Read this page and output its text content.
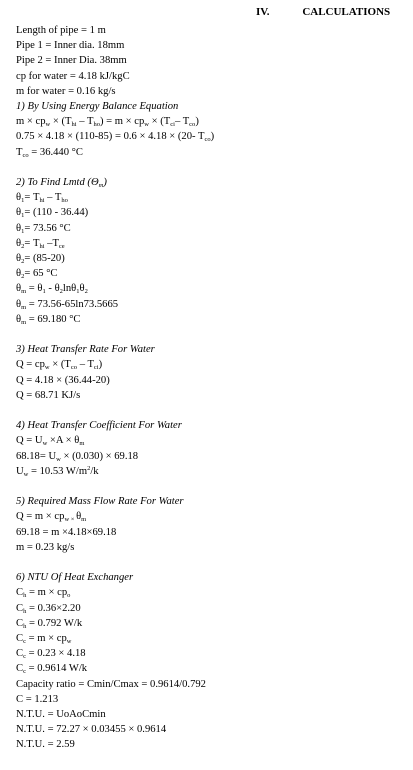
IV.	CALCULATIONS
Length of pipe = 1 m
Pipe 1 = Inner dia. 18mm
Pipe 2 = Inner Dia. 38mm
cp for water = 4.18 kJ/kgC
m for water = 0.16 kg/s
1) By Using Energy Balance Equation
$m \times cp_w \times (T_{hi} - T_{ho}) = m \times cp_w \times (T_{ci}-$ $T_{co}$)
0.75 × 4.18 × (110-85) = 0.6 × 4.18 × (20- $T_{co}$)
$T_{co} = 36.440$ °C
2) To Find Lmtd $(\Theta_m)$
$\theta_1= T_{hi} - T_{ho}$
$\theta_1= (110 - 36.44)$
$\theta_1= 73.56$ °C
$\theta_2= T_{hi}$ $-T_{ce}$
$\theta_2= (85-20)$
$\theta_2= 65$ °C
$\theta_m = \theta_1 - \theta_2\ln\theta_1\theta_2$
$\theta_m = 73.56-65\ln 73.5665$
$\theta_m = 69.180$ °C
3) Heat Transfer Rate For Water
$Q = cp_w \times (T_{co} - T_{ci})$
Q = 4.18 × (36.44-20)
Q = 68.71 KJ/s
4) Heat Transfer Coefficient For Water
$Q = U_w \times A \times \theta_m$
$68.18= U_w \times (0.030) \times 69.18$
$U_w = 10.53$ $W/m^2/k$
5) Required Mass Flow Rate For Water
$Q = m \times cp_{w \times}$ $\theta_m$
69.18 = m ×4.18×69.18
m = 0.23 kg/s
6) NTU Of Heat Exchanger
$C_h = m \times cp_o$
$C_h = 0.36\times 2.20$
$C_h = 0.792$ W/k
$C_c = m \times cp_w$
$C_c = 0.23 \times 4.18$
$C_c = 0.9614$ W/k
Capacity ratio = Cmin/Cmax = 0.9614/0.792
C = 1.213
N.T.U. = UoAoCmin
N.T.U. = 72.27 × 0.03455 × 0.9614
N.T.U. = 2.59
